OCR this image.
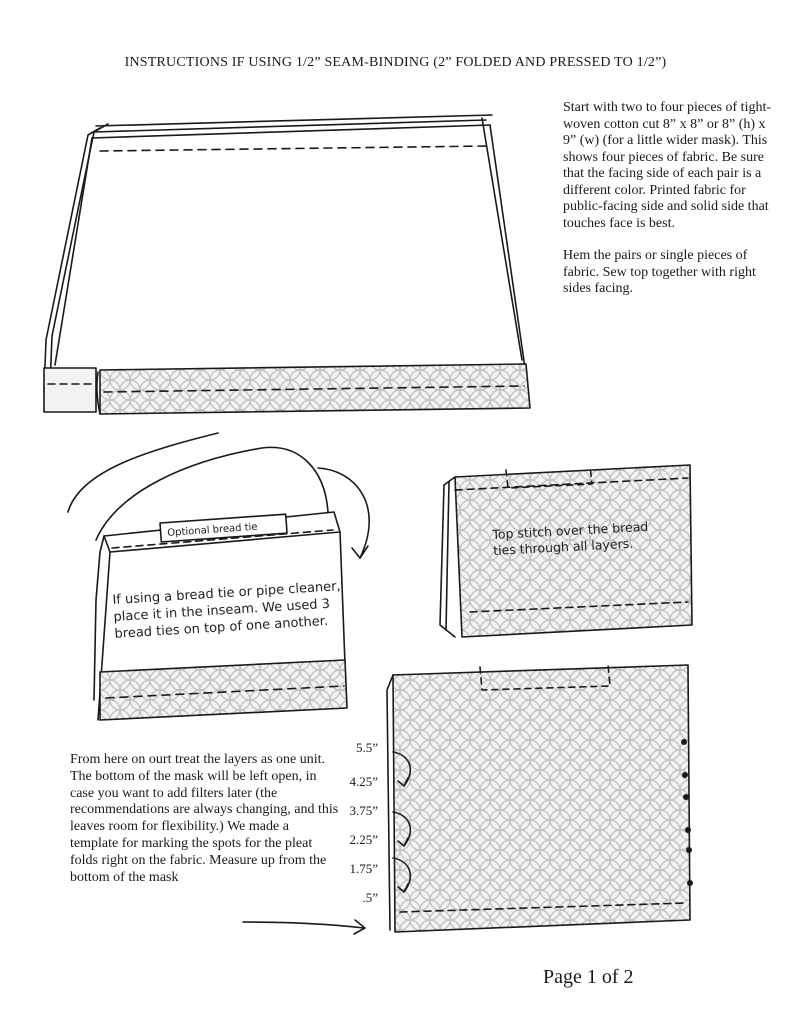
INSTRUCTIONS IF USING 1/2” SEAM-BINDING (2” FOLDED AND PRESSED TO 1/2”)

Start with two to four pieces of tight-woven cotton cut 8” x 8” or 8” (h) x 9” (w) (for a little wider mask). This shows four pieces of fabric. Be sure that the facing side of each pair is a different color. Printed fabric for public-facing side and solid side that touches face is best.

Hem the pairs or single pieces of fabric. Sew top together with right sides facing.

Optional bread tie
If using a bread tie or pipe cleaner, place it in the inseam. We used 3 bread ties on top of one another.
Top stitch over the bread ties through all layers.
From here on ourt treat the layers as one unit. The bottom of the mask will be left open, in case you want to add filters later (the recommendations are always changing, and this leaves room for flexibility.) We made a template for marking the spots for the pleat folds right on the fabric. Measure up from the bottom of the mask
5.5”
4.25”
3.75”
2.25”
1.75”
.5”
Page 1 of 2
